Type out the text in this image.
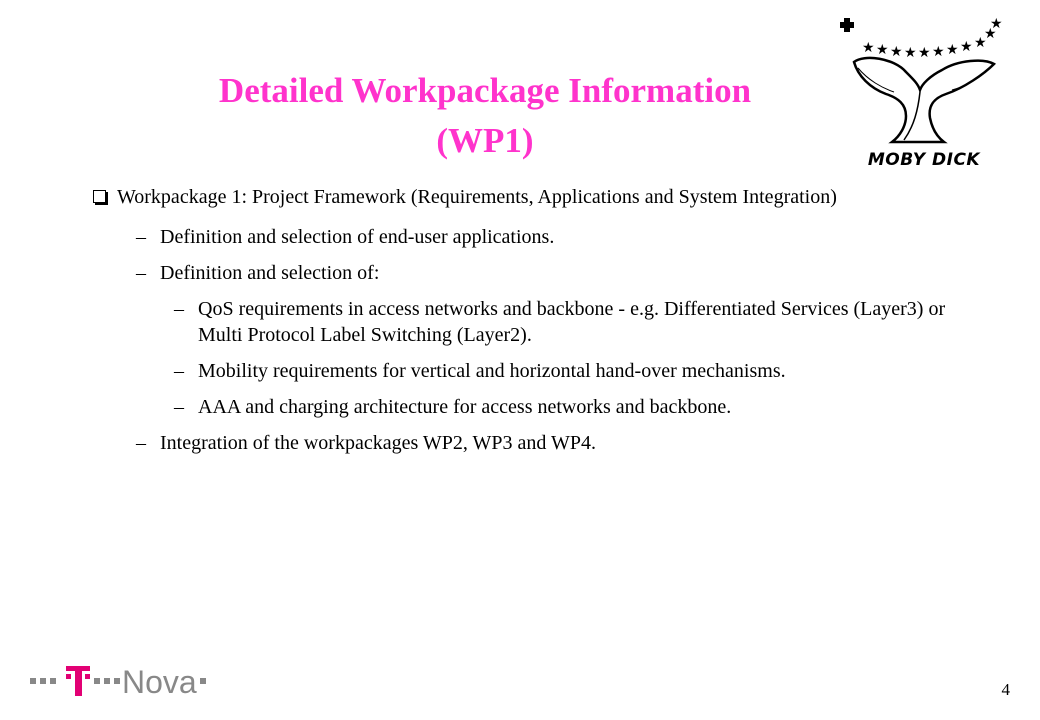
Detailed Workpackage Information
(WP1)
★ ★ ★ ★ ★ ★ ★ ★ ★
★
★
MOBY DICK
Workpackage 1: Project Framework (Requirements, Applications and System Integration)
– Definition and selection of end-user applications.
– Definition and selection of:
– QoS requirements in access networks and backbone - e.g. Differentiated Services (Layer3) or Multi Protocol Label Switching (Layer2).
– Mobility requirements for vertical and horizontal hand-over mechanisms.
– AAA and charging architecture for access networks and backbone.
– Integration of the workpackages WP2, WP3 and WP4.
Nova	4
